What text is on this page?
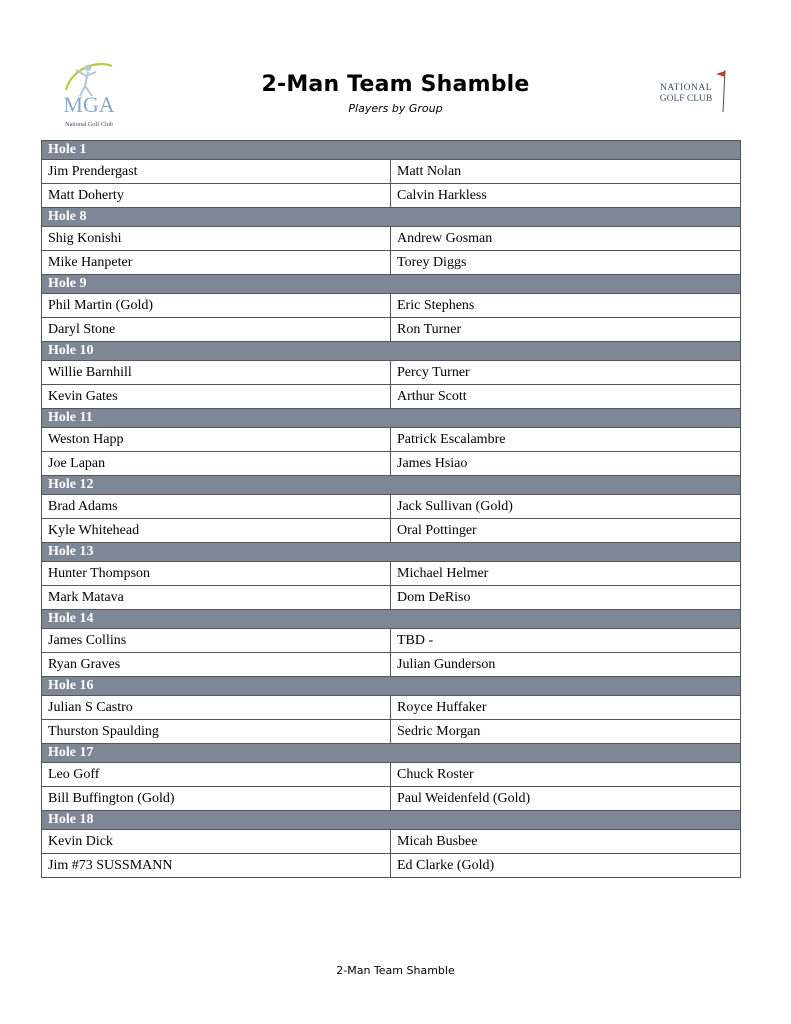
MGA
National Golf Club
2-Man Team Shamble
Players by Group
NATIONAL
GOLF CLUB
Hole 1
Jim Prendergast	Matt Nolan
Matt Doherty	Calvin Harkless
Hole 8
Shig Konishi	Andrew Gosman
Mike Hanpeter	Torey Diggs
Hole 9
Phil Martin (Gold)	Eric Stephens
Daryl Stone	Ron Turner
Hole 10
Willie Barnhill	Percy Turner
Kevin Gates	Arthur Scott
Hole 11
Weston Happ	Patrick Escalambre
Joe Lapan	James Hsiao
Hole 12
Brad Adams	Jack Sullivan (Gold)
Kyle Whitehead	Oral Pottinger
Hole 13
Hunter Thompson	Michael Helmer
Mark Matava	Dom DeRiso
Hole 14
James Collins	TBD -
Ryan Graves	Julian Gunderson
Hole 16
Julian S Castro	Royce Huffaker
Thurston Spaulding	Sedric Morgan
Hole 17
Leo Goff	Chuck Roster
Bill Buffington (Gold)	Paul Weidenfeld (Gold)
Hole 18
Kevin Dick	Micah Busbee
Jim #73 SUSSMANN	Ed Clarke (Gold)
2-Man Team Shamble
